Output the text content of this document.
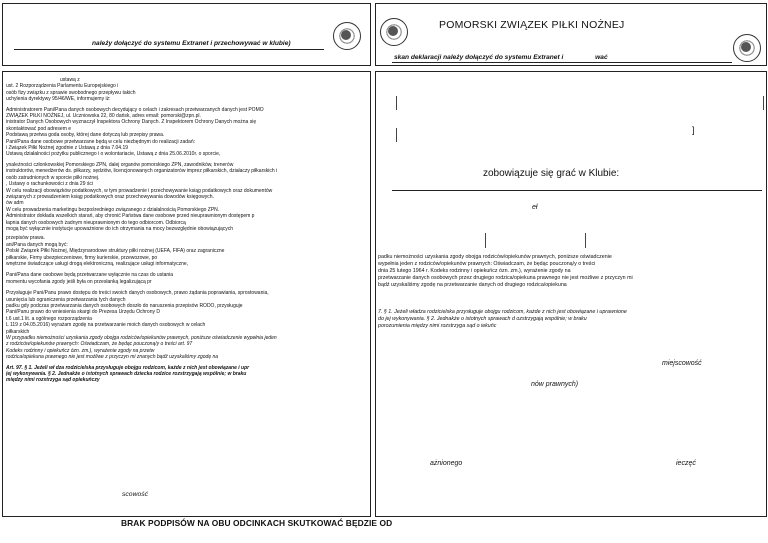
należy dołączyć do systemu Extranet i przechowywać w klubie)
POMORSKI ZWIĄZEK PIŁKI NOŻNEJ
skan deklaracji należy dołączyć do systemu Extranet i	wać
ustawą z
ust. 2 Rozporządzenia Parlamentu Europejskiego i
osób fizy związku z sprawie swobodnego przepływu takich
uchylenia dyrektywy 95/46/WE, informujemy iż:
Administratorem Pani/Pana danych osobowych decydujący o celach i zakresach przetwarzanych danych jest POMO
ZWIĄZEK PIŁKI NOŻNEJ, ul. Uczniowska 22, 80 dańsk, adres email: pomorski@zpn.pl.
inistrator Danych Osobowych wyznaczył Inspektora Ochrony Danych. Z Inspektorem Ochrony Danych można się
skontaktować pod adresem e
Podstawą przetwa goda osoby, której dane dotyczą lub przepisy prawa.
Pani/Pana dane osobowe przetwarzane będą w celu niezbędnym do realizacji zadań:
i Związek Piłki Nożnej zgodnie z Ustawą z dnia 7.04.19
Ustawą działalności pożytku publicznego i o wolontariacie, Ustawą z dnia 25.06.2010r. o sporcie,
ynależności członkowskiej Pomorskiego ZPN, dalej organów pomorskiego ZPN, zawodników, trenerów
instruktorów, menedżerów ds. piłkarzy, sędziów, licencjonowanych organizatorów imprez piłkarskich, działaczy piłkarskich i
osób zatrudnionych w sporcie piłki nożnej.
, Ustawy o rachunkowości z dnia 29 ści
W celu realizacji obowiązków podatkowych, w tym prowadzenie i przechowywanie ksiąg podatkowych oraz dokumentów
związanych z prowadzeniem ksiąg podatkowych oraz przechowywania dowodów księgowych.
ów adm
W celu prowadzenia marketingu bezpośredniego związanego z działalnością Pomorskiego ZPN.
Administrator dokłada wszelkich starań, aby chronić Państwa dane osobowe przed nieuprawnionym dostępem p
łapnia danych osobowych żadnym nieuprawnionym do tego odbiorcom. Odbiorcą
mogą być wyłącznie instytucje upoważnione do ich otrzymania na mocy bezwzględnie obowiązujących
przepisów prawa.
ani/Pana danych mogą być:
Polski Związek Piłki Nożnej, Międzynarodowe struktury piłki nożnej (UEFA, FIFA) oraz zagraniczne
piłkarskie, Firmy ubezpieczeniowe, firmy kurierskie, przewozowe, po
wnętrzne świadczące usługi drogą elektroniczną, realizujące usługi informatyczne,
Pani/Pana dane osobowe będą przetwarzane wyłącznie na czas do ustania
momentu wycofania zgody jeśli była on przesłanką legalizującą pr
Przysługuje Pani/Panu prawo dostępu do treści swoich danych osobowych, prawo żądania poprawiania, sprostowania,
usunięcia lub ograniczenia przetwarzania tych danych
padku gdy podczas przetwarzania danych osobowych doszło do naruszenia przepisów RODO, przysługuje
Pani/Panu prawo do wniesienia skargi do Prezesa Urzędu Ochrony D
t.6 ust.1 lit. a ogólnego rozporządzenia
L 119 z 04.05.2016) wyrażam zgodę na przetwarzanie moich danych osobowych w celach
piłkarskich
W przypadku niemożności uzyskania zgody obojga rodziców/opiekunów prawnych, poniższe oświadczenie wypełnia jeden
z rodziców/opiekunów prawnych: Oświadczam, że będąc pouczoną/y o treści art. 97
Kodeks rodzinny i opiekuńcz ózn. zm.), wyrażenie zgody na przetw
rodzica/opiekuna prawnego nie jest możliwe z przyczyn mi znanych bądź uzyskaliśmy zgodę na
Art. 97. § 1. Jeżeli wł dza rodzicielska przysługuje obojgu rodzicom, każde z nich jest obowiązane i upr
jej wykonywania. § 2. Jednakże o istotnych sprawach dziecka rodzice rozstrzygają wspólnie; w braku
między nimi rozstrzyga sąd opiekuńczy
scowość
]
zobowiązuje się grać w Klubie:
eł
padku niemożności uzyskania zgody obojga rodziców/opiekunów prawnych, poniższe oświadczenie
wypełnia jeden z rodziców/opiekunów prawnych: Oświadczam, że będąc pouczoną/y o treści
dnia 25 lutego 1964 r. Kodeks rodzinny i opiekuńcz ózn. zm.), wyrażenie zgody na
przetwarzanie danych osobowych przez drugiego rodzica/opiekuna prawnego nie jest możliwe z przyczyn mi
bądź uzyskaliśmy zgodę na przetwarzanie danych od drugiego rodzica/opiekuna
7. § 1. Jeżeli władza rodzicielska przysługuje obojgu rodzicom, każde z nich jest obowiązane i uprawnione
do jej wykonywania. § 2. Jednakże o istotnych sprawach d ozstrzygają wspólnie; w braku
porozumienia między nimi rozstrzyga sąd o iekuńc
miejscowość
nów prawnych)
ażnionego	ieczęć
BRAK PODPISÓW NA OBU ODCINKACH SKUTKOWAĆ BĘDZIE OD
